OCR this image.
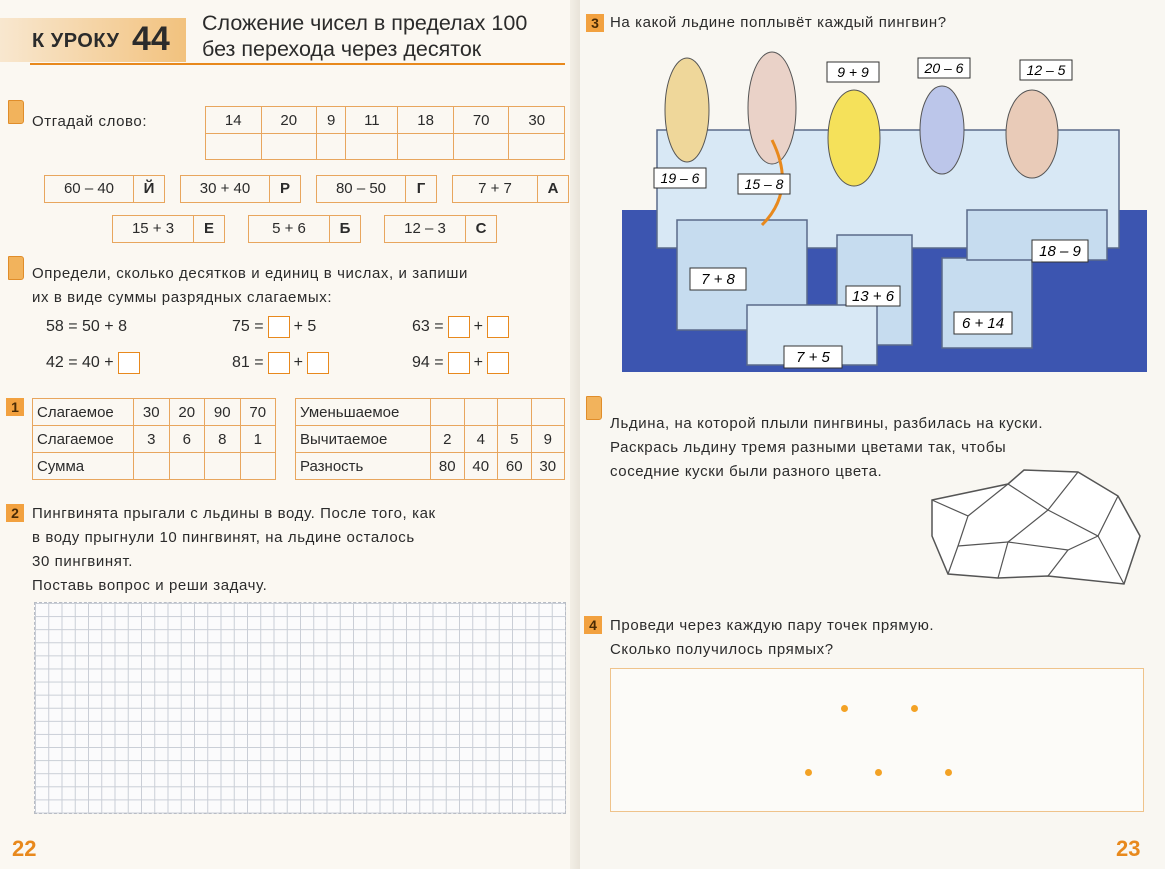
К УРОКУ 44 Сложение чисел в пределах 100
без перехода через десяток
Отгадай слово:	14	20	9	11	18	70	30

60 – 40	Й	30 + 40	Р	80 – 50	Г	7 + 7	А
15 + 3	Е	5 + 6	Б	12 – 3	С
Определи, сколько десятков и единиц в числах, и запиши
их в виде суммы разрядных слагаемых:
58 = 50 + 8	75 = + 5	63 = +
42 = 40 +	81 = +	94 = +
1	Слагаемое	30	20	90	70
Слагаемое	3	6	8	1
Сумма				
Уменьшаемое				
Вычитаемое	2	4	5	9
Разность	80	40	60	30
2 Пингвинята прыгали с льдины в воду. После того, как
в воду прыгнули 10 пингвинят, на льдине осталось
30 пингвинят.
Поставь вопрос и реши задачу.
22
3 На какой льдине поплывёт каждый пингвин?
9 + 9	20 – 6	12 – 5
19 – 6	15 – 8
7 + 8
13 + 6
18 – 9
6 + 14
7 + 5
Льдина, на которой плыли пингвины, разбилась на куски.
Раскрась льдину тремя разными цветами так, чтобы
соседние куски были разного цвета.
4 Проведи через каждую пару точек прямую.
Сколько получилось прямых?
23
